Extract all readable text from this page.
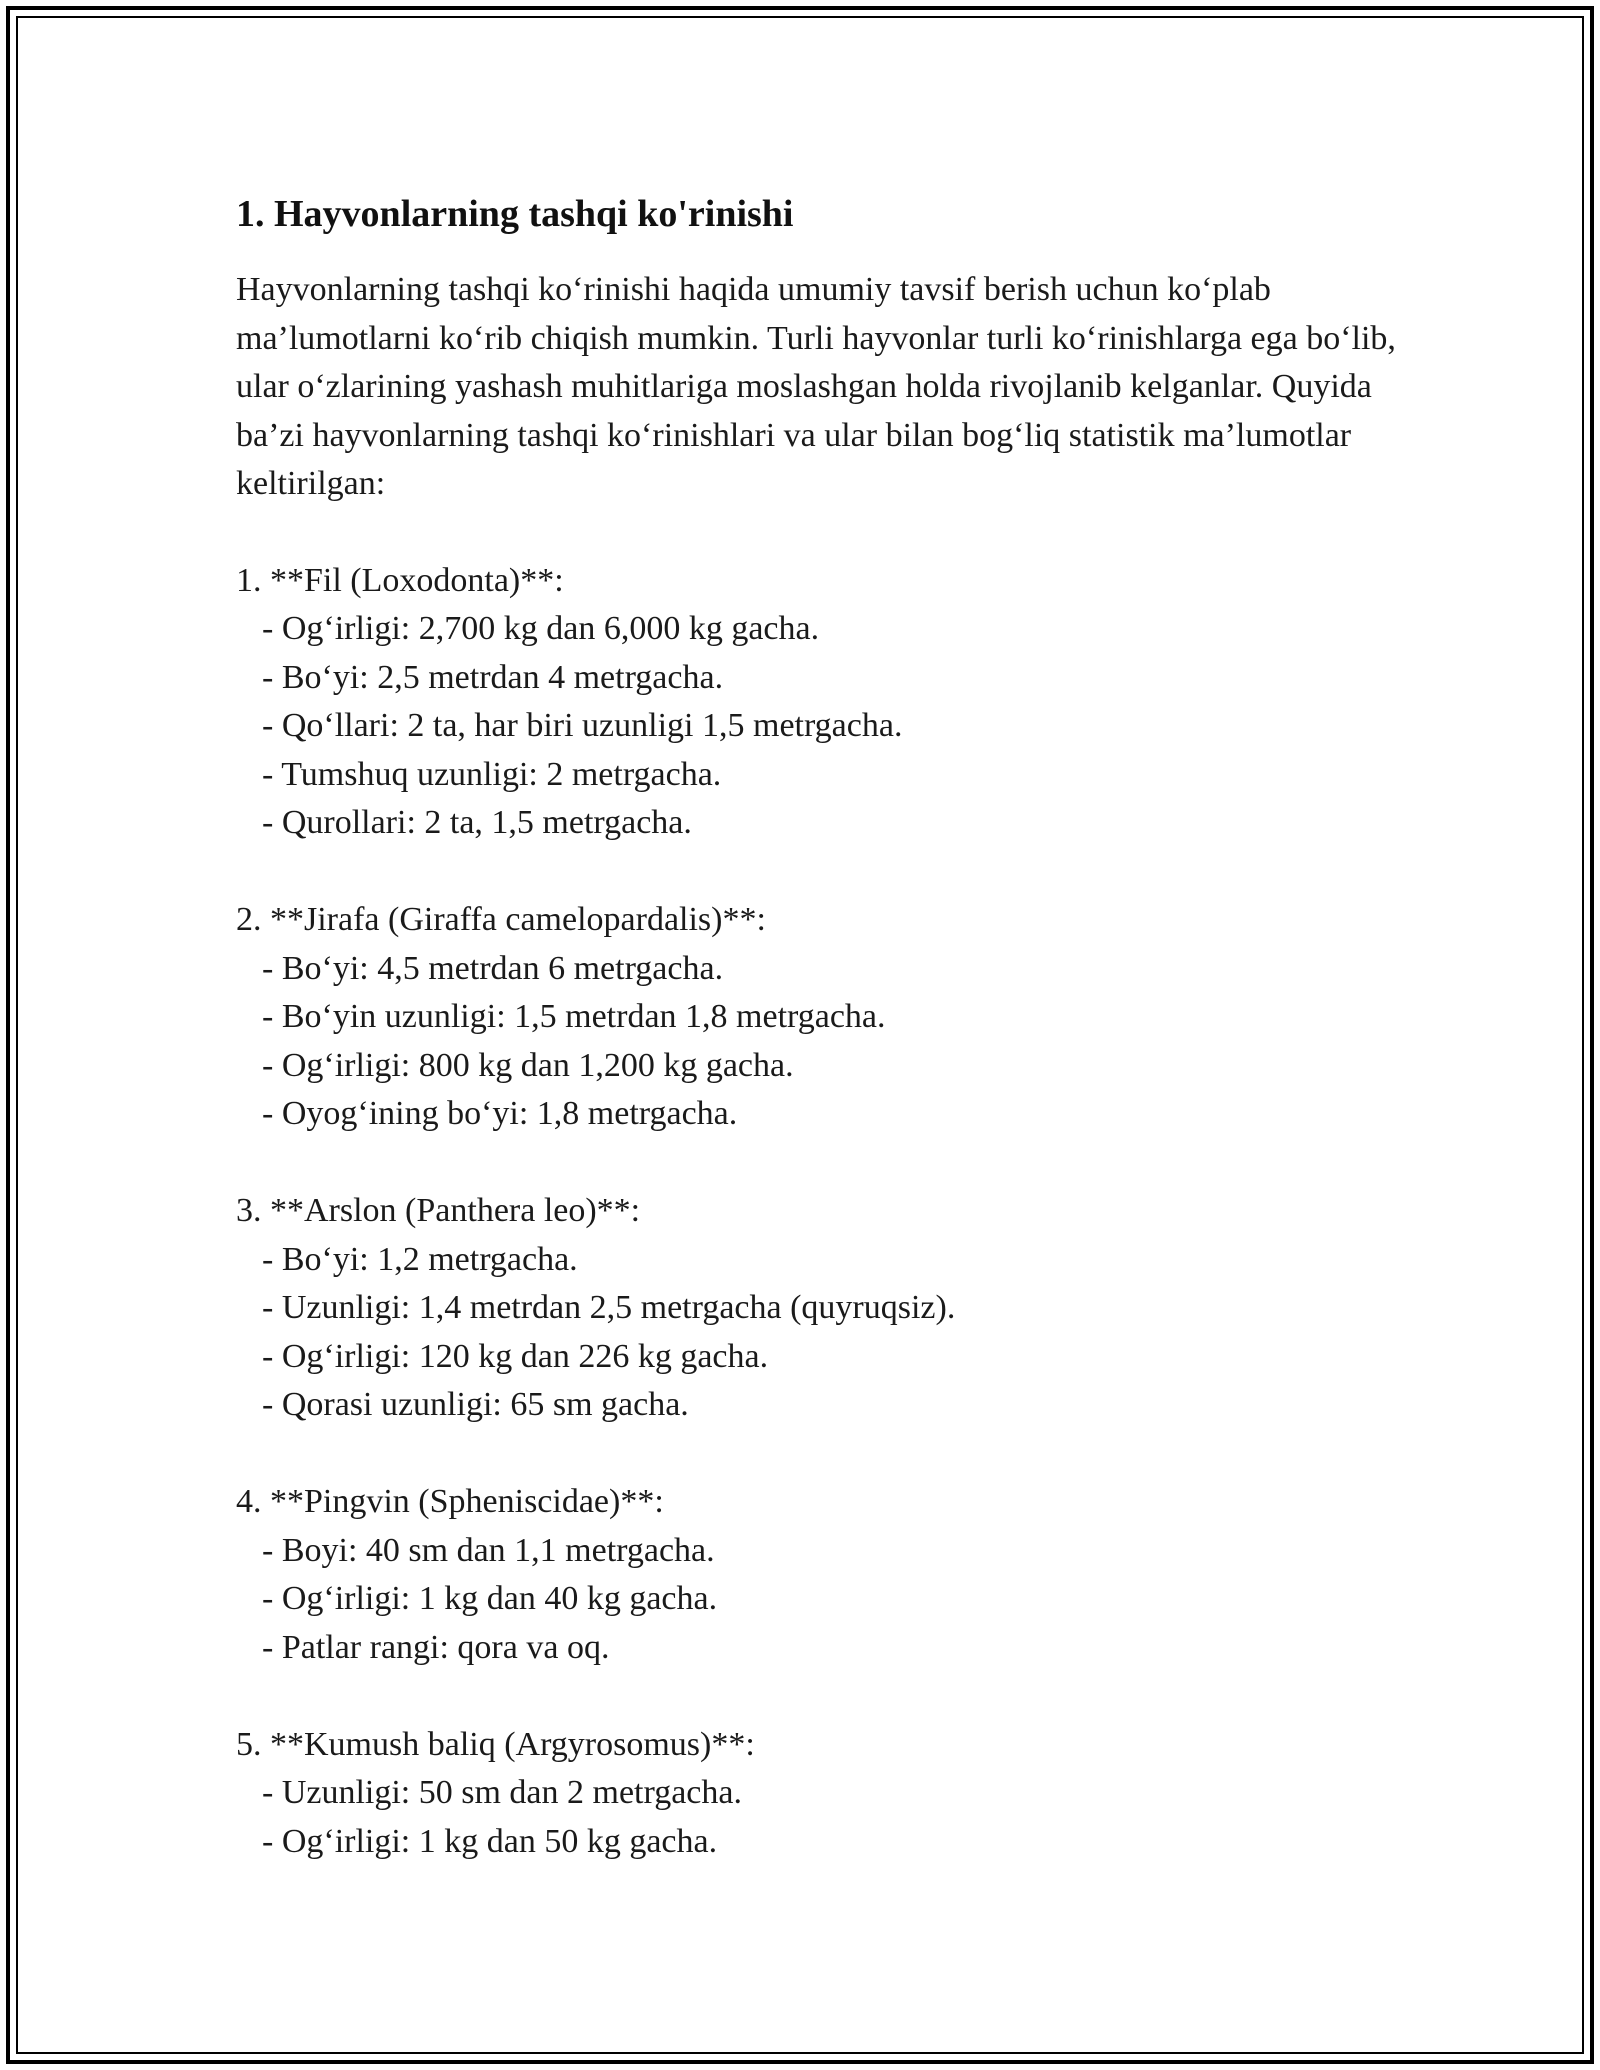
1. Hayvonlarning tashqi ko'rinishi

Hayvonlarning tashqi ko‘rinishi haqida umumiy tavsif berish uchun ko‘plab ma’lumotlarni ko‘rib chiqish mumkin. Turli hayvonlar turli ko‘rinishlarga ega bo‘lib, ular o‘zlarining yashash muhitlariga moslashgan holda rivojlanib kelganlar. Quyida ba’zi hayvonlarning tashqi ko‘rinishlari va ular bilan bog‘liq statistik ma’lumotlar keltirilgan:

1. **Fil (Loxodonta)**:
- Og‘irligi: 2,700 kg dan 6,000 kg gacha.
- Bo‘yi: 2,5 metrdan 4 metrgacha.
- Qo‘llari: 2 ta, har biri uzunligi 1,5 metrgacha.
- Tumshuq uzunligi: 2 metrgacha.
- Qurollari: 2 ta, 1,5 metrgacha.
2. **Jirafa (Giraffa camelopardalis)**:
- Bo‘yi: 4,5 metrdan 6 metrgacha.
- Bo‘yin uzunligi: 1,5 metrdan 1,8 metrgacha.
- Og‘irligi: 800 kg dan 1,200 kg gacha.
- Oyog‘ining bo‘yi: 1,8 metrgacha.
3. **Arslon (Panthera leo)**:
- Bo‘yi: 1,2 metrgacha.
- Uzunligi: 1,4 metrdan 2,5 metrgacha (quyruqsiz).
- Og‘irligi: 120 kg dan 226 kg gacha.
- Qorasi uzunligi: 65 sm gacha.
4. **Pingvin (Spheniscidae)**:
- Boyi: 40 sm dan 1,1 metrgacha.
- Og‘irligi: 1 kg dan 40 kg gacha.
- Patlar rangi: qora va oq.
5. **Kumush baliq (Argyrosomus)**:
- Uzunligi: 50 sm dan 2 metrgacha.
- Og‘irligi: 1 kg dan 50 kg gacha.
